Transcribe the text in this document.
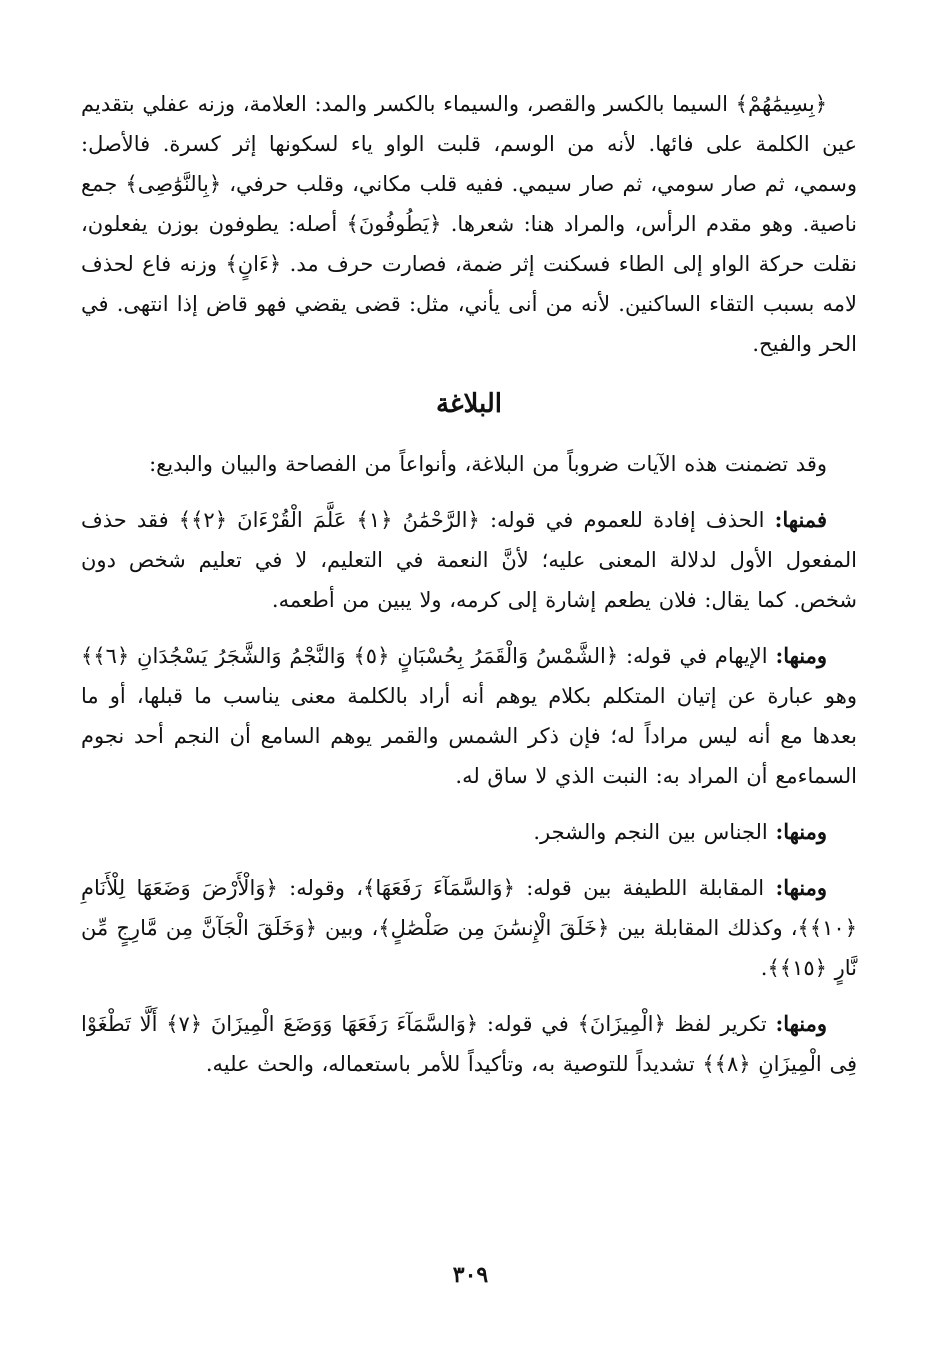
﴿بِسِيمَٰهُمْ﴾ السيما بالكسر والقصر، والسيماء بالكسر والمد: العلامة، وزنه عفلي بتقديم عين الكلمة على فائها. لأنه من الوسم، قلبت الواو ياء لسكونها إثر كسرة. فالأصل: وسمي، ثم صار سومي، ثم صار سيمي. ففيه قلب مكاني، وقلب حرفي، ﴿بِالنَّوَٰصِى﴾ جمع ناصية. وهو مقدم الرأس، والمراد هنا: شعرها. ﴿يَطُوفُونَ﴾ أصله: يطوفون بوزن يفعلون، نقلت حركة الواو إلى الطاء فسكنت إثر ضمة، فصارت حرف مد. ﴿ءَانٍ﴾ وزنه فاع لحذف لامه بسبب التقاء الساكنين. لأنه من أنى يأني، مثل: قضى يقضي فهو قاض إذا انتهى. في الحر والفيح.

البلاغة

وقد تضمنت هذه الآيات ضروباً من البلاغة، وأنواعاً من الفصاحة والبيان والبديع:

فمنها: الحذف إفادة للعموم في قوله: ﴿الرَّحْمَٰنُ ﴿١﴾ عَلَّمَ الْقُرْءَانَ ﴿٢﴾﴾ فقد حذف المفعول الأول لدلالة المعنى عليه؛ لأنَّ النعمة في التعليم، لا في تعليم شخص دون شخص. كما يقال: فلان يطعم إشارة إلى كرمه، ولا يبين من أطعمه.

ومنها: الإيهام في قوله: ﴿الشَّمْسُ وَالْقَمَرُ بِحُسْبَانٍ ﴿٥﴾ وَالنَّجْمُ وَالشَّجَرُ يَسْجُدَانِ ﴿٦﴾﴾ وهو عبارة عن إتيان المتكلم بكلام يوهم أنه أراد بالكلمة معنى يناسب ما قبلها، أو ما بعدها مع أنه ليس مراداً له؛ فإن ذكر الشمس والقمر يوهم السامع أن النجم أحد نجوم السماءمع أن المراد به: النبت الذي لا ساق له.

ومنها: الجناس بين النجم والشجر.

ومنها: المقابلة اللطيفة بين قوله: ﴿وَالسَّمَآءَ رَفَعَهَا﴾، وقوله: ﴿وَالْأَرْضَ وَضَعَهَا لِلْأَنَامِ ﴿١٠﴾﴾، وكذلك المقابلة بين ﴿خَلَقَ الْإِنسَٰنَ مِن صَلْصَٰلٍ﴾، وبين ﴿وَخَلَقَ الْجَآنَّ مِن مَّارِجٍ مِّن نَّارٍ ﴿١٥﴾﴾.

ومنها: تكرير لفظ ﴿الْمِيزَانَ﴾ في قوله: ﴿وَالسَّمَآءَ رَفَعَهَا وَوَضَعَ الْمِيزَانَ ﴿٧﴾ أَلَّا تَطْغَوْا فِى الْمِيزَانِ ﴿٨﴾﴾ تشديداً للتوصية به، وتأكيداً للأمر باستعماله، والحث عليه.

٣٠٩
